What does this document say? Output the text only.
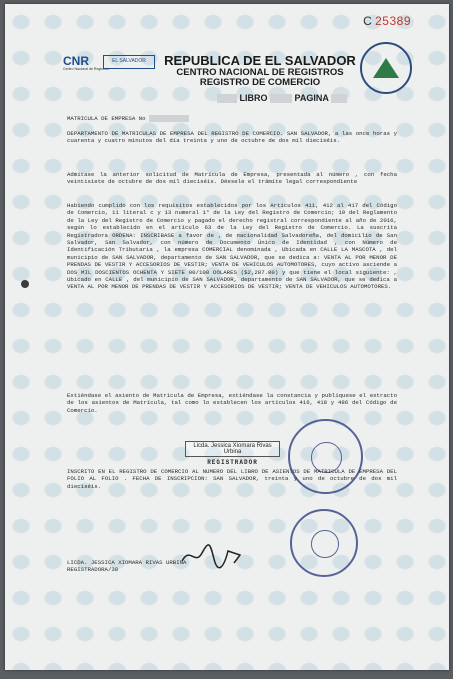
C 25389
CNR
Centro Nacional de Registros
EL SALVADOR	REPUBLICA DE EL SALVADOR
CENTRO NACIONAL DE REGISTROS
REGISTRO DE COMERCIO
LIBRO	PAGINA
MATRICULA DE EMPRESA No
DEPARTAMENTO DE MATRICULAS DE EMPRESA DEL REGISTRO DE COMERCIO. SAN SALVADOR, a las once horas y cuarenta y cuatro minutos del día treinta y uno de octubre de dos mil dieciséis.
Admítase la anterior solicitud de Matrícula de Empresa, presentada al número , con fecha veintisiete de octubre de dos mil dieciséis. Déesele el trámite legal correspondiente
Habiendo cumplido con los requisitos establecidos por los Artículos 411, 412 al 417 del Código de Comercio, 11 literal c y 13 numeral 1° de la Ley del Registro de Comercio; 10 del Reglamento de la Ley del Registro de Comercio y pagado el derecho registral correspondiente al año de 2016, según lo establecido en el artículo 63 de la Ley del Registro de Comercio. La suscrita Registradora ORDENA: INSCRIBASE a favor de , de nacionalidad Salvadoreña, del domicilio de San Salvador, San Salvador, con número de Documento Único de Identidad , con Número de Identificación Tributaria , la empresa COMERCIAL denominada , Ubicada en CALLE LA MASCOTA , del municipio de SAN SALVADOR, departamento de SAN SALVADOR, que se dedica a: VENTA AL POR MENOR DE PRENDAS DE VESTIR Y ACCESORIOS DE VESTIR; VENTA DE VEHICULOS AUTOMOTORES, cuyo activo asciende a DOS MIL DOSCIENTOS OCHENTA Y SIETE 00/100 DOLARES ($2,287.00) y que tiene el local siguiente: , Ubicado en CALLE , del municipio de SAN SALVADOR, departamento de SAN SALVADOR, que se dedica a VENTA AL POR MENOR DE PRENDAS DE VESTIR Y ACCESORIOS DE VESTIR; VENTA DE VEHICULOS AUTOMOTORES.
Extiéndase el asiento de Matrícula de Empresa, extiéndase la constancia y publíquese el extracto de los asientos de Matrícula, tal como lo establecen los artículos 416, 418 y 486 del Código de Comercio.
Licda. Jessica Xiomara Rivas Urbina
REGISTRADOR
INSCRITO EN EL REGISTRO DE COMERCIO AL NUMERO DEL LIBRO DE ASIENTOS DE MATRICULA DE EMPRESA DEL FOLIO AL FOLIO . FECHA DE INSCRIPCION: SAN SALVADOR, treinta y uno de octubre de dos mil dieciséis.
LICDA. JESSICA XIOMARA RIVAS URBINA
REGISTRADORA/38
